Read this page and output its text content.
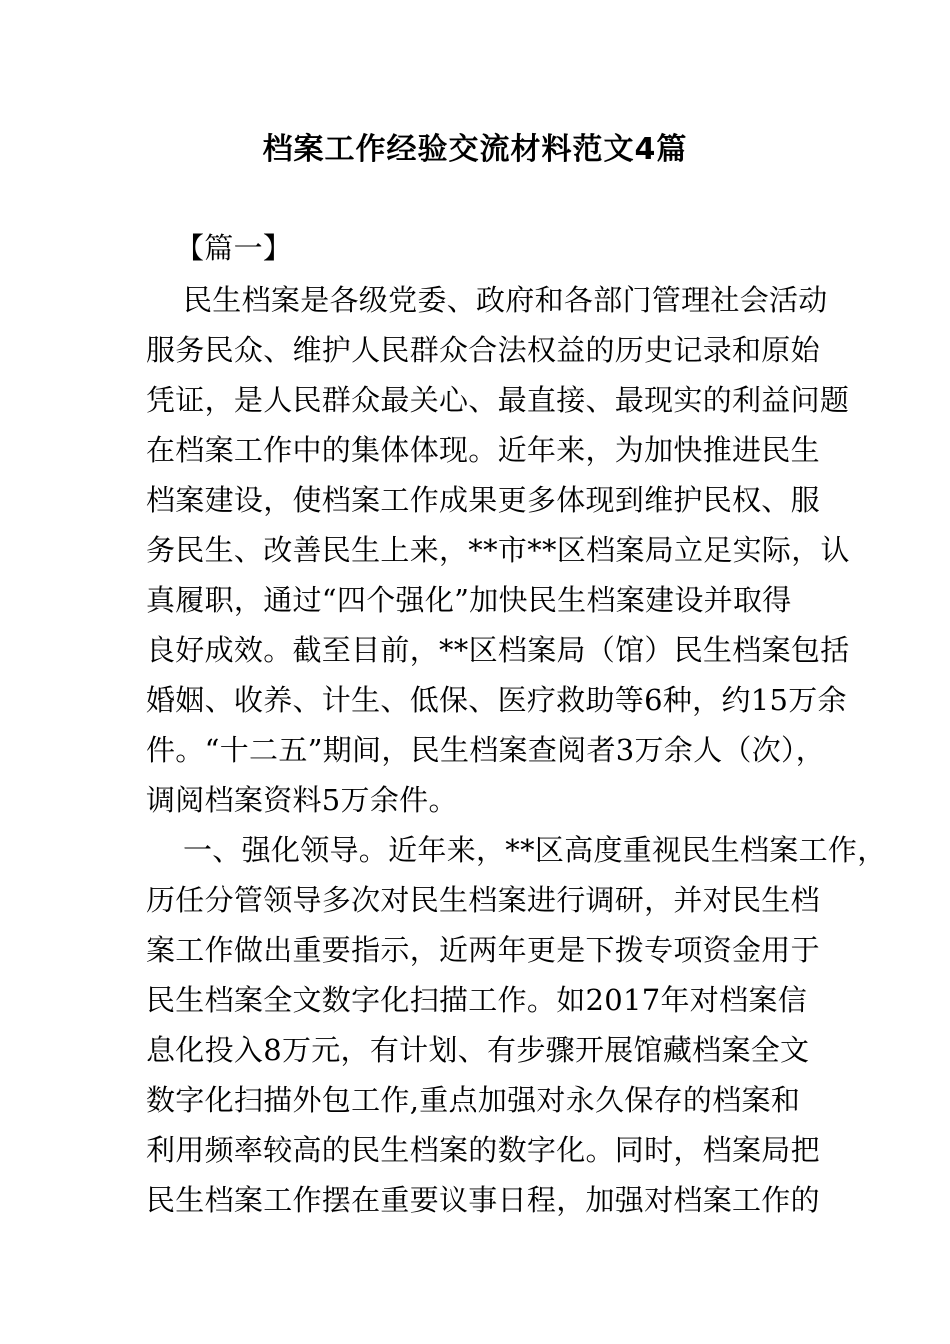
档案工作经验交流材料范文4篇
【篇一】
民生档案是各级党委、政府和各部门管理社会活动
服务民众、维护人民群众合法权益的历史记录和原始
凭证，是人民群众最关心、最直接、最现实的利益问题
在档案工作中的集体体现。近年来，为加快推进民生
档案建设，使档案工作成果更多体现到维护民权、服
务民生、改善民生上来，**市**区档案局立足实际，认
真履职，通过“四个强化”加快民生档案建设并取得
良好成效。截至目前，**区档案局（馆）民生档案包括
婚姻、收养、计生、低保、医疗救助等6种，约15万余
件。“十二五”期间，民生档案查阅者3万余人（次），
调阅档案资料5万余件。
一、强化领导。近年来，**区高度重视民生档案工作，
历任分管领导多次对民生档案进行调研，并对民生档
案工作做出重要指示，近两年更是下拨专项资金用于
民生档案全文数字化扫描工作。如2017年对档案信
息化投入8万元，有计划、有步骤开展馆藏档案全文
数字化扫描外包工作,重点加强对永久保存的档案和
利用频率较高的民生档案的数字化。同时，档案局把
民生档案工作摆在重要议事日程，加强对档案工作的
